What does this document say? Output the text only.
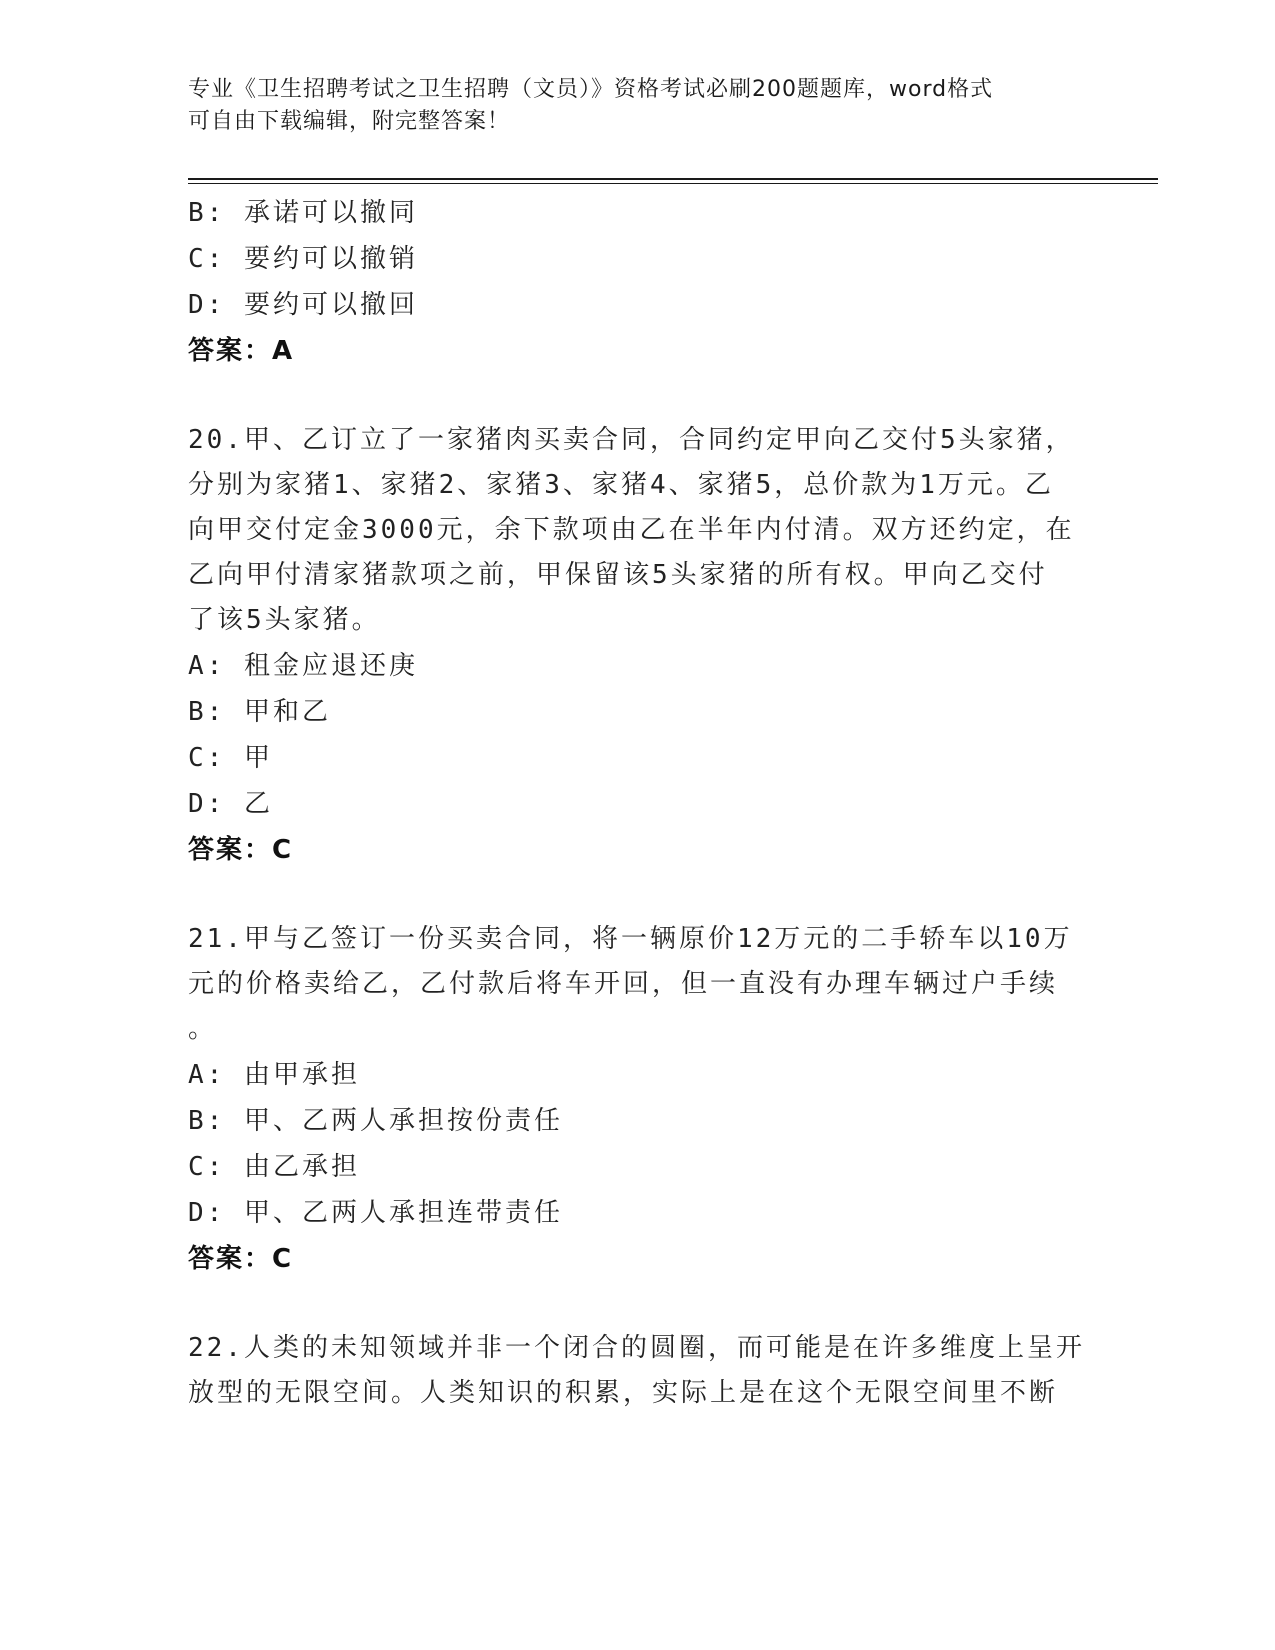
专业《卫生招聘考试之卫生招聘（文员）》资格考试必刷200题题库，word格式
可自由下载编辑，附完整答案！
B: 承诺可以撤同
C: 要约可以撤销
D: 要约可以撤回
答案：A
20.甲、乙订立了一家猪肉买卖合同，合同约定甲向乙交付5头家猪，
分别为家猪1、家猪2、家猪3、家猪4、家猪5，总价款为1万元。乙
向甲交付定金3000元，余下款项由乙在半年内付清。双方还约定，在
乙向甲付清家猪款项之前，甲保留该5头家猪的所有权。甲向乙交付
了该5头家猪。
A: 租金应退还庚
B: 甲和乙
C: 甲
D: 乙
答案：C
21.甲与乙签订一份买卖合同，将一辆原价12万元的二手轿车以10万
元的价格卖给乙，乙付款后将车开回，但一直没有办理车辆过户手续
。
A: 由甲承担
B: 甲、乙两人承担按份责任
C: 由乙承担
D: 甲、乙两人承担连带责任
答案：C
22.人类的未知领域并非一个闭合的圆圈，而可能是在许多维度上呈开
放型的无限空间。人类知识的积累，实际上是在这个无限空间里不断
